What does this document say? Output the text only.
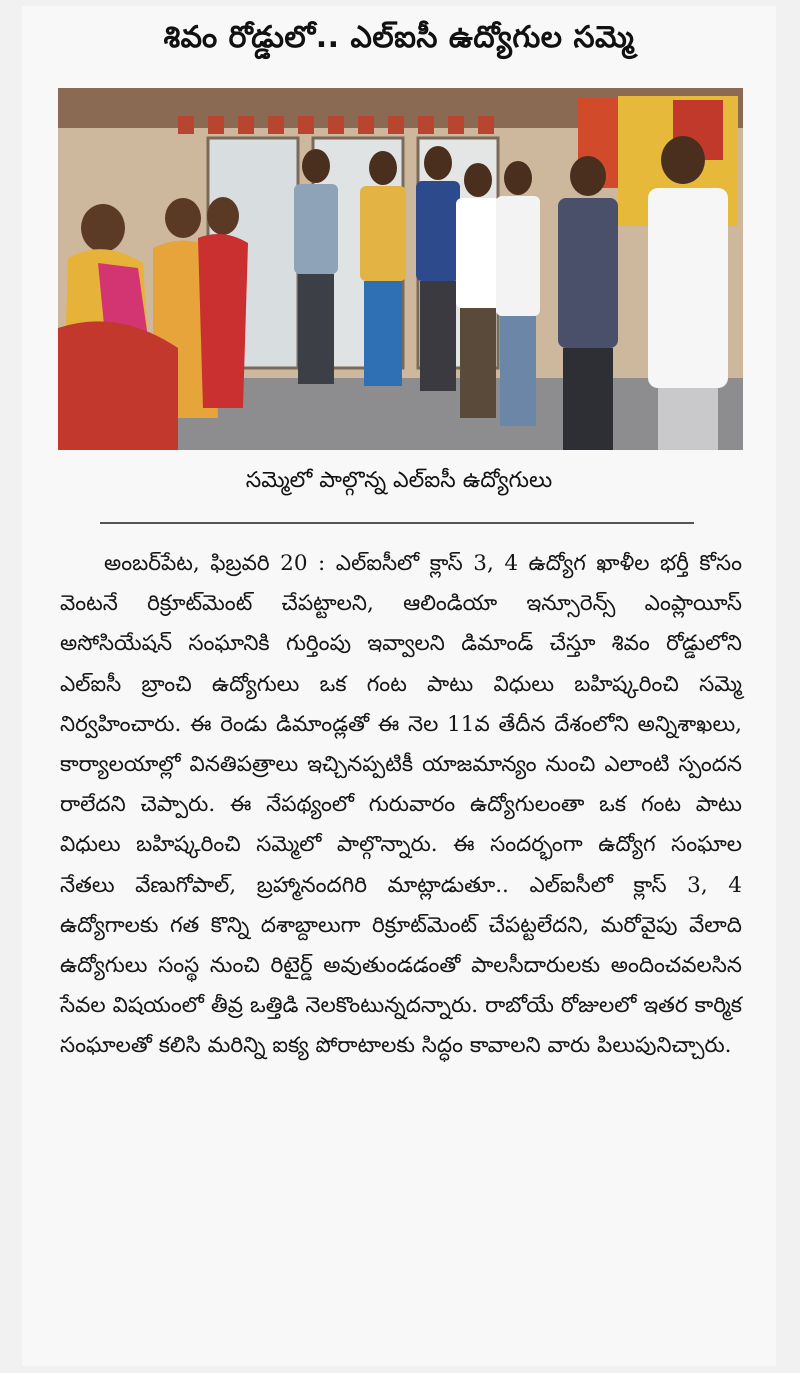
శివం రోడ్డులో.. ఎల్ఐసీ ఉద్యోగుల సమ్మె
సమ్మెలో పాల్గొన్న ఎల్ఐసీ ఉద్యోగులు
అంబర్‌పేట, ఫిబ్రవరి 20 : ఎల్ఐసీలో క్లాస్ 3, 4 ఉద్యోగ ఖాళీల భర్తీ కోసం వెంటనే రిక్రూట్‌మెంట్ చేపట్టాలని, ఆలిండియా ఇన్సూరెన్స్ ఎంప్లాయీస్ అసోసియేషన్ సంఘానికి గుర్తింపు ఇవ్వాలని డిమాండ్ చేస్తూ శివం రోడ్డులోని ఎల్ఐసీ బ్రాంచి ఉద్యోగులు ఒక గంట పాటు విధులు బహిష్కరించి సమ్మె నిర్వహించారు. ఈ రెండు డిమాండ్లతో ఈ నెల 11వ తేదీన దేశంలోని అన్నిశాఖలు, కార్యాలయాల్లో వినతిపత్రాలు ఇచ్చినప్పటికీ యాజమాన్యం నుంచి ఎలాంటి స్పందన రాలేదని చెప్పారు. ఈ నేపథ్యంలో గురువారం ఉద్యోగులంతా ఒక గంట పాటు విధులు బహిష్కరించి సమ్మెలో పాల్గొన్నారు. ఈ సందర్భంగా ఉద్యోగ సంఘాల నేతలు వేణుగోపాల్, బ్రహ్మానందగిరి మాట్లాడుతూ.. ఎల్ఐసీలో క్లాస్ 3, 4 ఉద్యోగాలకు గత కొన్ని దశాబ్దాలుగా రిక్రూట్‌మెంట్ చేపట్టలేదని, మరోవైపు వేలాది ఉద్యోగులు సంస్థ నుంచి రిటైర్డ్ అవుతుండడంతో పాలసీదారులకు అందించవలసిన సేవల విషయంలో తీవ్ర ఒత్తిడి నెలకొంటున్నదన్నారు. రాబోయే రోజులలో ఇతర కార్మిక సంఘాలతో కలిసి మరిన్ని ఐక్య పోరాటాలకు సిద్ధం కావాలని వారు పిలుపునిచ్చారు.
